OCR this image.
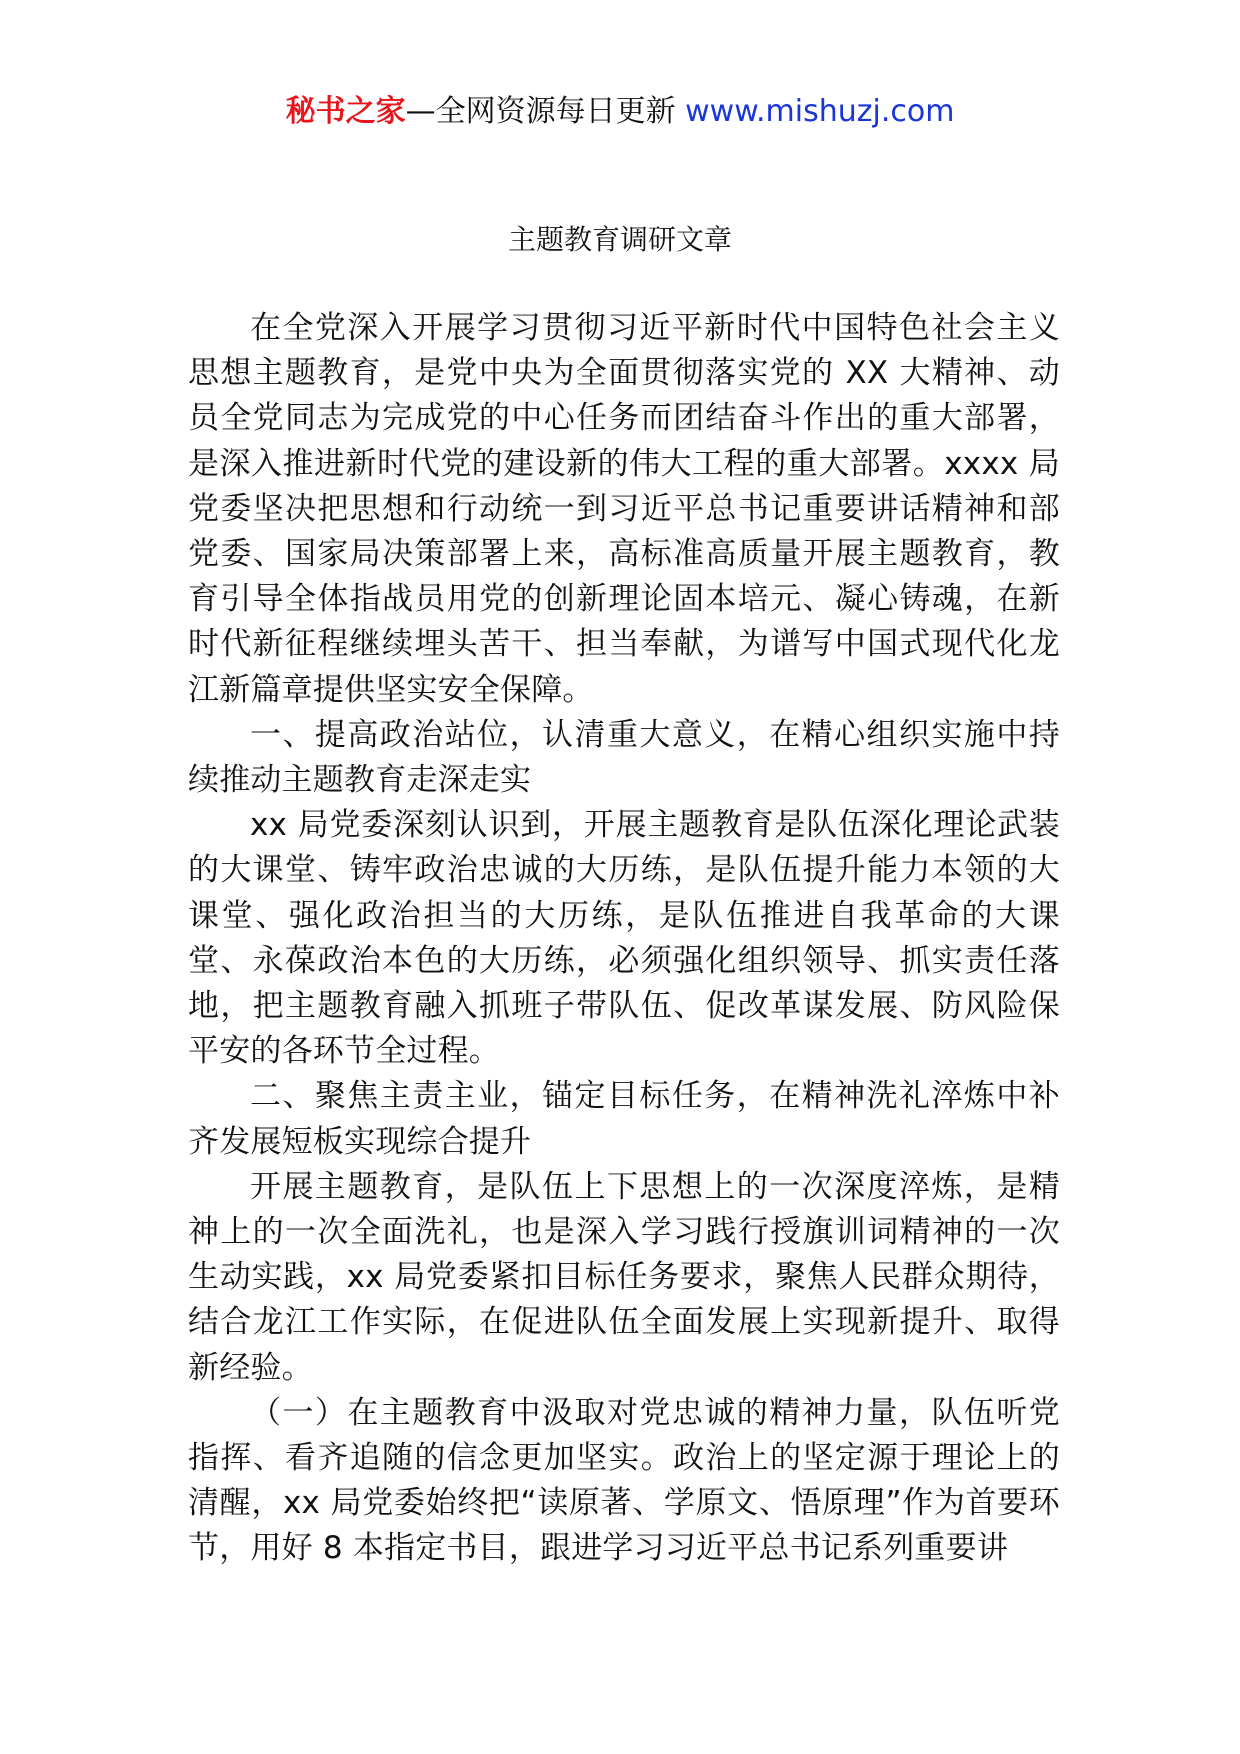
秘书之家—全网资源每日更新 www.mishuzj.com
主题教育调研文章

在全党深入开展学习贯彻习近平新时代中国特色社会主义思想主题教育，是党中央为全面贯彻落实党的 XX 大精神、动员全党同志为完成党的中心任务而团结奋斗作出的重大部署，是深入推进新时代党的建设新的伟大工程的重大部署。xxxx 局党委坚决把思想和行动统一到习近平总书记重要讲话精神和部党委、国家局决策部署上来，高标准高质量开展主题教育，教育引导全体指战员用党的创新理论固本培元、凝心铸魂，在新时代新征程继续埋头苦干、担当奉献，为谱写中国式现代化龙江新篇章提供坚实安全保障。

一、提高政治站位，认清重大意义，在精心组织实施中持续推动主题教育走深走实

xx 局党委深刻认识到，开展主题教育是队伍深化理论武装的大课堂、铸牢政治忠诚的大历练，是队伍提升能力本领的大课堂、强化政治担当的大历练，是队伍推进自我革命的大课堂、永葆政治本色的大历练，必须强化组织领导、抓实责任落地，把主题教育融入抓班子带队伍、促改革谋发展、防风险保平安的各环节全过程。

二、聚焦主责主业，锚定目标任务，在精神洗礼淬炼中补齐发展短板实现综合提升

开展主题教育，是队伍上下思想上的一次深度淬炼，是精神上的一次全面洗礼，也是深入学习践行授旗训词精神的一次生动实践，xx 局党委紧扣目标任务要求，聚焦人民群众期待，结合龙江工作实际，在促进队伍全面发展上实现新提升、取得新经验。

（一）在主题教育中汲取对党忠诚的精神力量，队伍听党指挥、看齐追随的信念更加坚实。政治上的坚定源于理论上的清醒，xx 局党委始终把“读原著、学原文、悟原理”作为首要环节，用好 8 本指定书目，跟进学习习近平总书记系列重要讲
